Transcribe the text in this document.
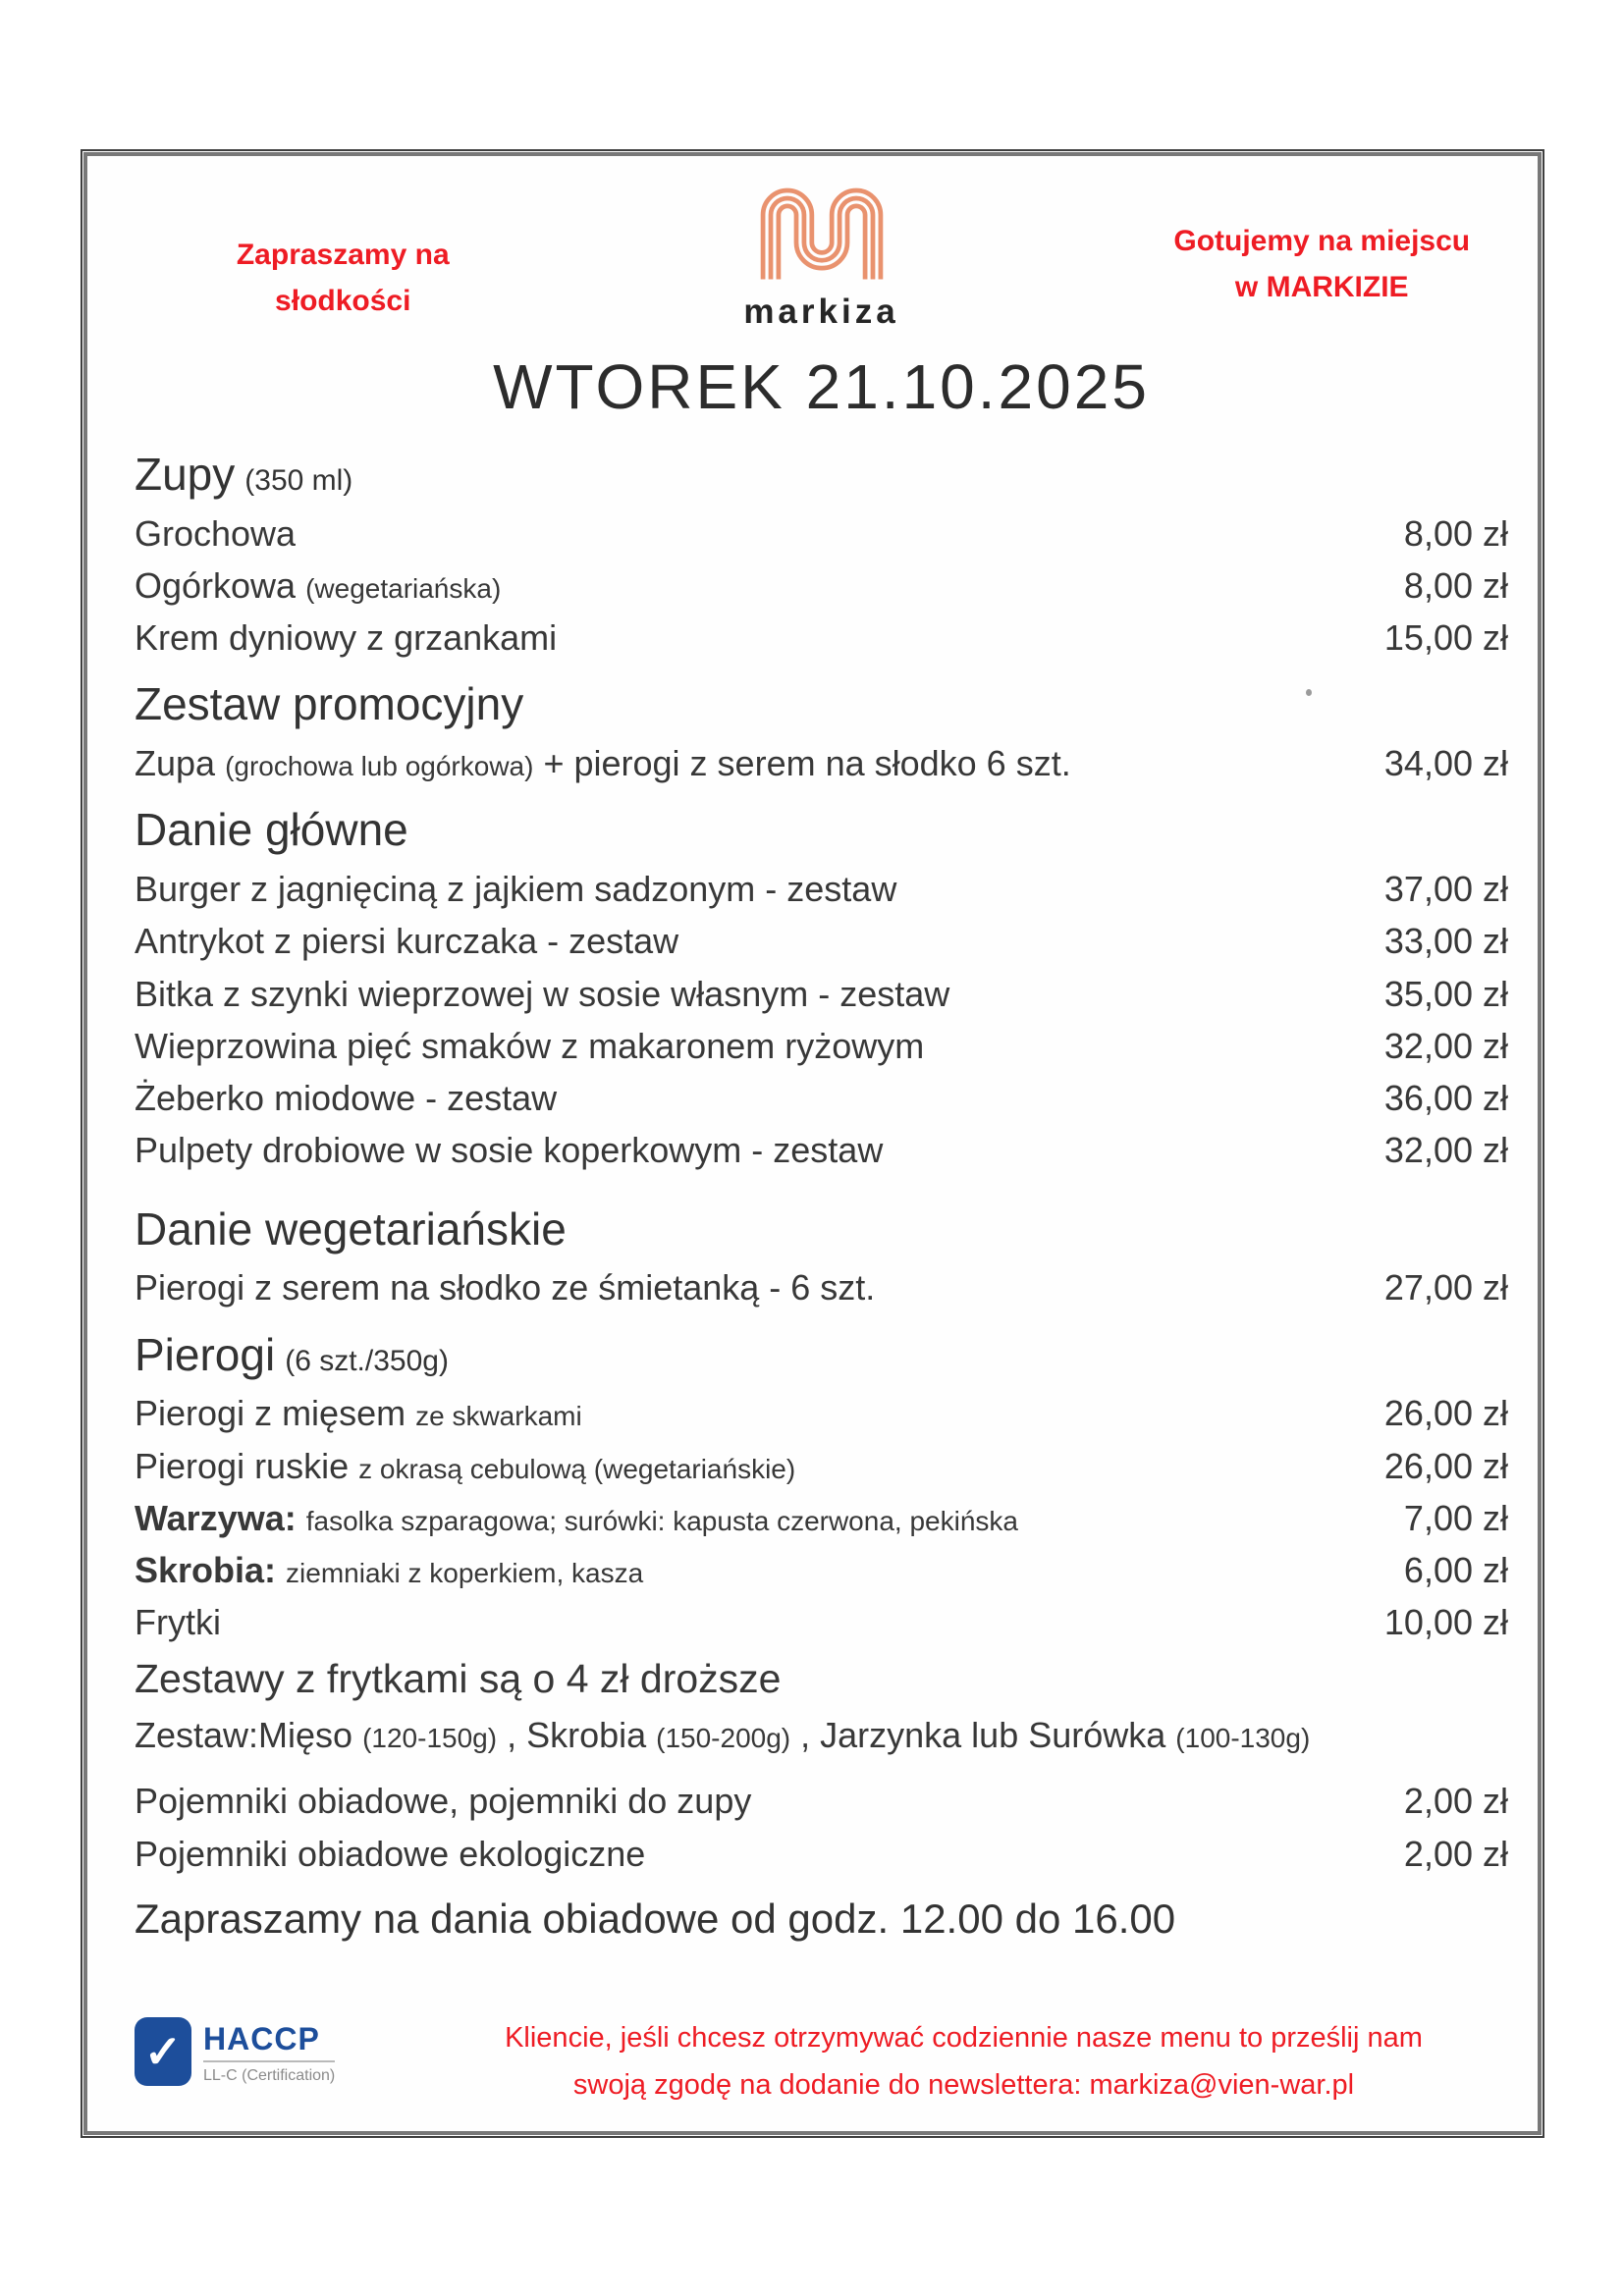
Zapraszamy na
słodkości	markiza
Gotujemy na miejscu
w MARKIZIE
WTOREK 21.10.2025
Zupy (350 ml)
Grochowa	8,00 zł
Ogórkowa (wegetariańska)	8,00 zł
Krem dyniowy z grzankami	15,00 zł
Zestaw promocyjny
Zupa (grochowa lub ogórkowa) + pierogi z serem na słodko 6 szt.	34,00 zł
Danie główne
Burger z jagnięciną z jajkiem sadzonym - zestaw	37,00 zł
Antrykot z piersi kurczaka - zestaw	33,00 zł
Bitka z szynki wieprzowej w sosie własnym - zestaw	35,00 zł
Wieprzowina pięć smaków z makaronem ryżowym	32,00 zł
Żeberko miodowe - zestaw	36,00 zł
Pulpety drobiowe w sosie koperkowym - zestaw	32,00 zł
Danie wegetariańskie
Pierogi z serem na słodko ze śmietanką - 6 szt.	27,00 zł
Pierogi (6 szt./350g)
Pierogi z mięsem ze skwarkami	26,00 zł
Pierogi ruskie z okrasą cebulową (wegetariańskie)	26,00 zł
Warzywa: fasolka szparagowa; surówki: kapusta czerwona, pekińska	7,00 zł
Skrobia: ziemniaki z koperkiem, kasza	6,00 zł
Frytki	10,00 zł
Zestawy z frytkami są o 4 zł droższe
Zestaw:Mięso (120-150g) , Skrobia (150-200g) , Jarzynka lub Surówka (100-130g)
Pojemniki obiadowe, pojemniki do zupy	2,00 zł
Pojemniki obiadowe ekologiczne	2,00 zł
Zapraszamy na dania obiadowe od godz. 12.00 do 16.00
✓ HACCP
LL-C (Certification)
Kliencie, jeśli chcesz otrzymywać codziennie nasze menu to prześlij nam
swoją zgodę na dodanie do newslettera: markiza@vien-war.pl
